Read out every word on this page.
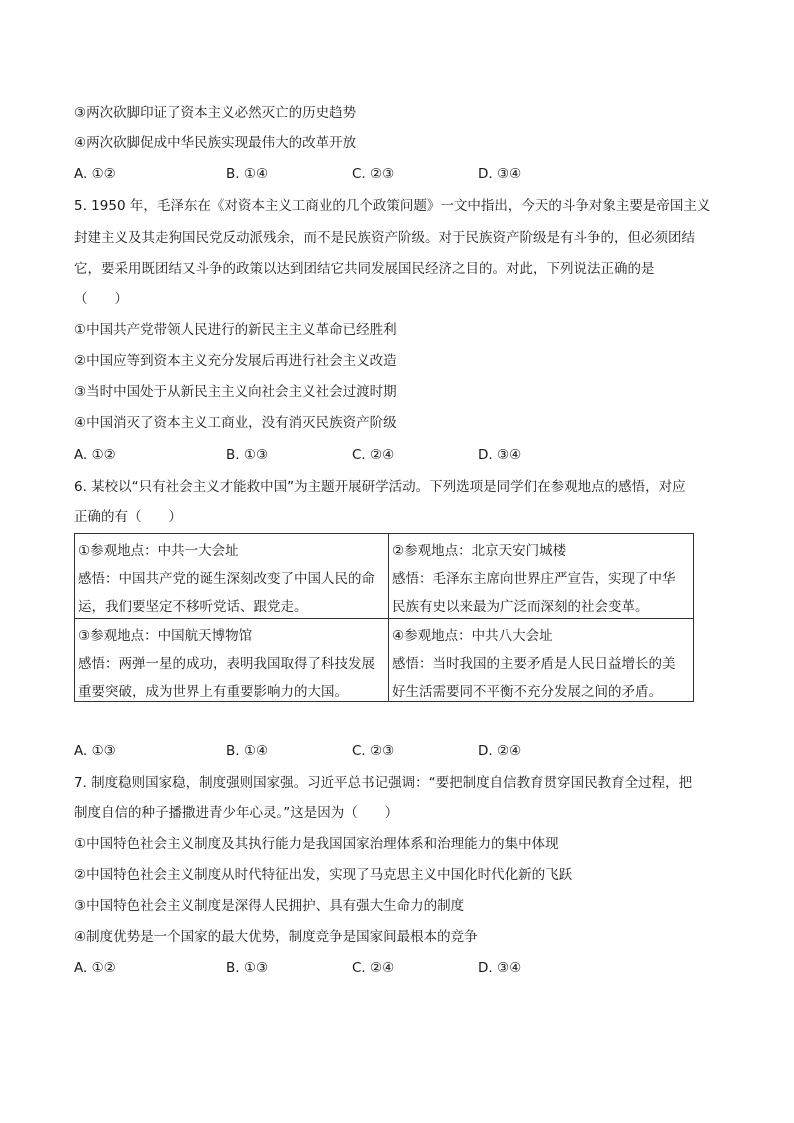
③两次砍脚印证了资本主义必然灭亡的历史趋势
④两次砍脚促成中华民族实现最伟大的改革开放
A. ①②	B. ①④	C. ②③	D. ③④
5. 1950 年，毛泽东在《对资本主义工商业的几个政策问题》一文中指出，今天的斗争对象主要是帝国主义
封建主义及其走狗国民党反动派残余，而不是民族资产阶级。对于民族资产阶级是有斗争的，但必须团结
它，要采用既团结又斗争的政策以达到团结它共同发展国民经济之目的。对此，下列说法正确的是
（　　）
①中国共产党带领人民进行的新民主主义革命已经胜利
②中国应等到资本主义充分发展后再进行社会主义改造
③当时中国处于从新民主主义向社会主义社会过渡时期
④中国消灭了资本主义工商业，没有消灭民族资产阶级
A. ①②	B. ①③	C. ②④	D. ③④
6. 某校以“只有社会主义才能救中国”为主题开展研学活动。下列选项是同学们在参观地点的感悟，对应
正确的有（　　）
①参观地点：中共一大会址
感悟：中国共产党的诞生深刻改变了中国人民的命
运，我们要坚定不移听党话、跟党走。
②参观地点：北京天安门城楼
感悟：毛泽东主席向世界庄严宣告，实现了中华
民族有史以来最为广泛而深刻的社会变革。
③参观地点：中国航天博物馆
感悟：两弹一星的成功，表明我国取得了科技发展
重要突破，成为世界上有重要影响力的大国。
④参观地点：中共八大会址
感悟：当时我国的主要矛盾是人民日益增长的美
好生活需要同不平衡不充分发展之间的矛盾。
A. ①③	B. ①④	C. ②③	D. ②④
7. 制度稳则国家稳，制度强则国家强。习近平总书记强调：“要把制度自信教育贯穿国民教育全过程，把
制度自信的种子播撒进青少年心灵。”这是因为（　　）
①中国特色社会主义制度及其执行能力是我国国家治理体系和治理能力的集中体现
②中国特色社会主义制度从时代特征出发，实现了马克思主义中国化时代化新的飞跃
③中国特色社会主义制度是深得人民拥护、具有强大生命力的制度
④制度优势是一个国家的最大优势，制度竞争是国家间最根本的竞争
A. ①②	B. ①③	C. ②④	D. ③④
